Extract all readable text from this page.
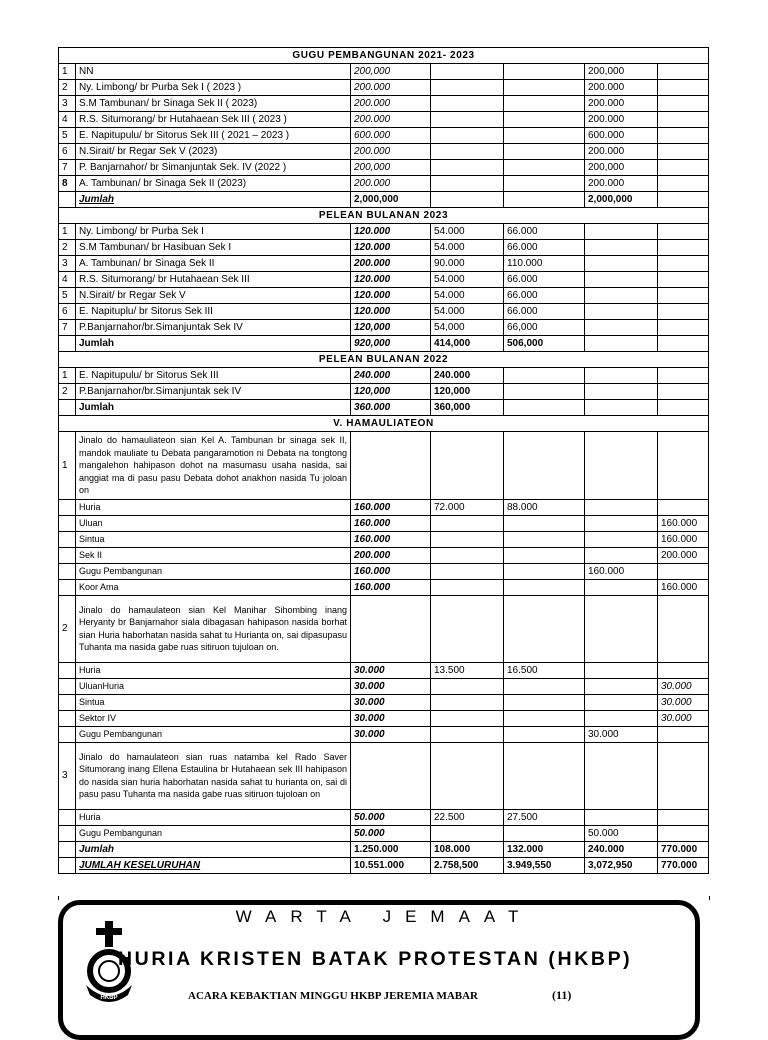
GUGU PEMBANGUNAN 2021- 2023						
1	NN	200,000			200,000	
2	Ny. Limbong/ br Purba Sek I ( 2023 )	200.000			200.000	
3	S.M Tambunan/ br Sinaga Sek II ( 2023)	200.000			200.000	
4	R.S. Situmorang/ br Hutahaean Sek III ( 2023 )	200.000			200.000	
5	E. Napitupulu/ br Sitorus Sek III ( 2021 – 2023 )	600.000			600.000	
6	N.Sirait/ br Regar Sek V (2023)	200.000			200.000	
7	P. Banjarnahor/ br Simanjuntak Sek. IV (2022 )	200,000			200,000	
8	A. Tambunan/ br Sinaga Sek II (2023)	200.000			200.000	
	Jumlah	2,000,000			2,000,000	
PELEAN BULANAN 2023						
1	Ny. Limbong/ br Purba Sek I	120.000	54.000	66.000		
2	S.M Tambunan/ br Hasibuan Sek I	120.000	54.000	66.000		
3	A. Tambunan/ br Sinaga Sek II	200.000	90.000	110.000		
4	R.S. Situmorang/ br Hutahaean Sek III	120.000	54.000	66.000		
5	N.Sirait/ br Regar Sek V	120.000	54.000	66.000		
6	E. Napituplu/ br Sitorus Sek III	120.000	54.000	66.000		
7	P.Banjarnahor/br.Simanjuntak Sek IV	120,000	54,000	66,000		
	Jumlah	920,000	414,000	506,000		
PELEAN BULANAN 2022						
1	E. Napitupulu/ br Sitorus Sek III	240.000	240.000			
2	P.Banjarnahor/br.Simanjuntak sek IV	120,000	120,000			
	Jumlah	360.000	360,000			
V. HAMAULIATEON						
1	Jinalo do hamauliateon sian Kel A. Tambunan br sinaga sek II, mandok mauliate tu Debata pangaramotion ni Debata na tongtong mangalehon hahipason dohot na masumasu usaha nasida, sai anggiat ma di pasu pasu Debata dohot anakhon nasida Tu joloan on					
	Huria	160.000	72.000	88.000		
	Uluan	160.000				160.000
	Sintua	160.000				160.000
	Sek II	200.000				200.000
	Gugu Pembangunan	160.000			160.000	
	Koor Ama	160.000				160.000
2	Jinalo do hamaulateon sian Kel Manihar Sihombing inang Heryanty br Banjarnahor siala dibagasan hahipason nasida borhat sian Huria haborhatan nasida sahat tu Hurianta on, sai dipasupasu Tuhanta ma nasida gabe ruas sitiruon tujuloan on.					
	Huria	30.000	13.500	16.500		
	UluanHuria	30.000				30.000
	Sintua	30.000				30.000
	Sektor IV	30.000				30.000
	Gugu Pembangunan	30.000			30.000	
3	Jinalo do hamaulateon sian ruas natamba kel Rado Saver Situmorang inang Ellena Estaulina br Hutahaean sek III hahipason do nasida sian huria haborhatan nasida sahat tu hurianta on, sai di pasu pasu Tuhanta ma nasida gabe ruas sitiruon tujoloan on					
	Huria	50.000	22.500	27.500		
	Gugu Pembangunan	50.000			50.000	
	Jumlah	1.250.000	108.000	132.000	240.000	770.000
	JUMLAH KESELURUHAN	10.551.000	2.758,500	3.949,550	3,072,950	770.000
HKBP
WARTA JEMAAT
HURIA KRISTEN BATAK PROTESTAN (HKBP)
ACARA KEBAKTIAN MINGGU HKBP JEREMIA MABAR	(11)
